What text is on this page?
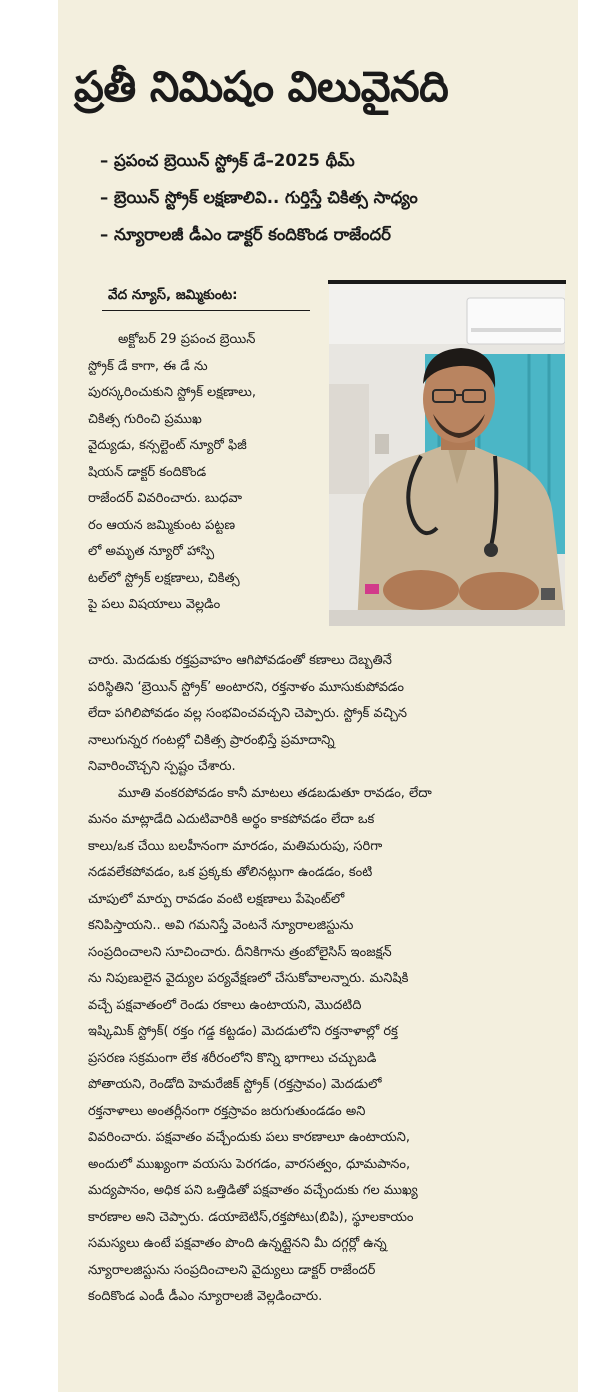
ప్రతీ నిమిషం విలువైనది
– ప్రపంచ బ్రెయిన్ స్ట్రోక్ డే–2025 థీమ్
– బ్రెయిన్ స్ట్రోక్ లక్షణాలివి.. గుర్తిస్తే చికిత్స సాధ్యం
– న్యూరాలజీ డీఎం డాక్టర్ కందికొండ రాజేందర్
వేద న్యూస్, జమ్మికుంట:
అక్టోబర్ 29 ప్రపంచ బ్రెయిన్
స్ట్రోక్ డే కాగా, ఈ డే ను
పురస్కరించుకుని స్ట్రోక్ లక్షణాలు,
చికిత్స గురించి ప్రముఖ
వైద్యుడు, కన్సల్టెంట్ న్యూరో ఫిజీ
షియన్ డాక్టర్ కందికొండ
రాజేందర్ వివరించారు. బుధవా
రం ఆయన జమ్మికుంట పట్టణ
లో అమృత న్యూరో హాస్పి
టల్‌లో స్ట్రోక్ లక్షణాలు, చికిత్స
పై పలు విషయాలు వెల్లడిం
చారు. మెదడుకు రక్తప్రవాహం ఆగిపోవడంతో కణాలు దెబ్బతినే
పరిస్థితిని ‘బ్రెయిన్ స్ట్రోక్’ అంటారని, రక్తనాళం మూసుకుపోవడం
లేదా పగిలిపోవడం వల్ల సంభవించవచ్చని చెప్పారు. స్ట్రోక్ వచ్చిన
నాలుగున్నర గంటల్లో చికిత్స ప్రారంభిస్తే ప్రమాదాన్ని
నివారించొచ్చని స్పష్టం చేశారు.
మూతి వంకరపోవడం కానీ మాటలు తడబడుతూ రావడం, లేదా
మనం మాట్లాడేది ఎదుటివారికి అర్థం కాకపోవడం లేదా ఒక
కాలు/ఒక చేయి బలహీనంగా మారడం, మతిమరుపు, సరిగా
నడవలేకపోవడం, ఒక ప్రక్కకు తోలినట్లుగా ఉండడం, కంటి
చూపులో మార్పు రావడం వంటి లక్షణాలు పేషెంట్‌లో
కనిపిస్తాయని.. అవి గమనిస్తే వెంటనే న్యూరాలజిస్టును
సంప్రదించాలని సూచించారు. దీనికిగాను త్రంబోలైసిస్ ఇంజక్షన్
ను నిపుణులైన వైద్యుల పర్యవేక్షణలో చేసుకోవాలన్నారు. మనిషికి
వచ్చే పక్షవాతంలో రెండు రకాలు ఉంటాయని, మొదటిది
ఇష్కిమిక్ స్ట్రోక్( రక్తం గడ్డ కట్టడం) మెదడులోని రక్తనాళాల్లో రక్త
ప్రసరణ సక్రమంగా లేక శరీరంలోని కొన్ని భాగాలు చచ్చుబడి
పోతాయని, రెండోది హెమరేజిక్ స్ట్రోక్ (రక్తస్రావం) మెదడులో
రక్తనాళాలు అంతర్లీనంగా రక్తస్రావం జరుగుతుండడం అని
వివరించారు. పక్షవాతం వచ్చేందుకు పలు కారణాలూ ఉంటాయని,
అందులో ముఖ్యంగా వయసు పెరగడం, వారసత్వం, ధూమపానం,
మద్యపానం, అధిక పని ఒత్తిడితో పక్షవాతం వచ్చేందుకు గల ముఖ్య
కారణాల అని చెప్పారు. డయాబెటిస్,రక్తపోటు(బిపి), స్థూలకాయం
సమస్యలు ఉంటే పక్షవాతం పొంది ఉన్నట్లైనని మీ దగ్గర్లో ఉన్న
న్యూరాలజిస్టును సంప్రదించాలని వైద్యులు డాక్టర్ రాజేందర్
కందికొండ ఎండీ డీఎం న్యూరాలజీ వెల్లడించారు.
